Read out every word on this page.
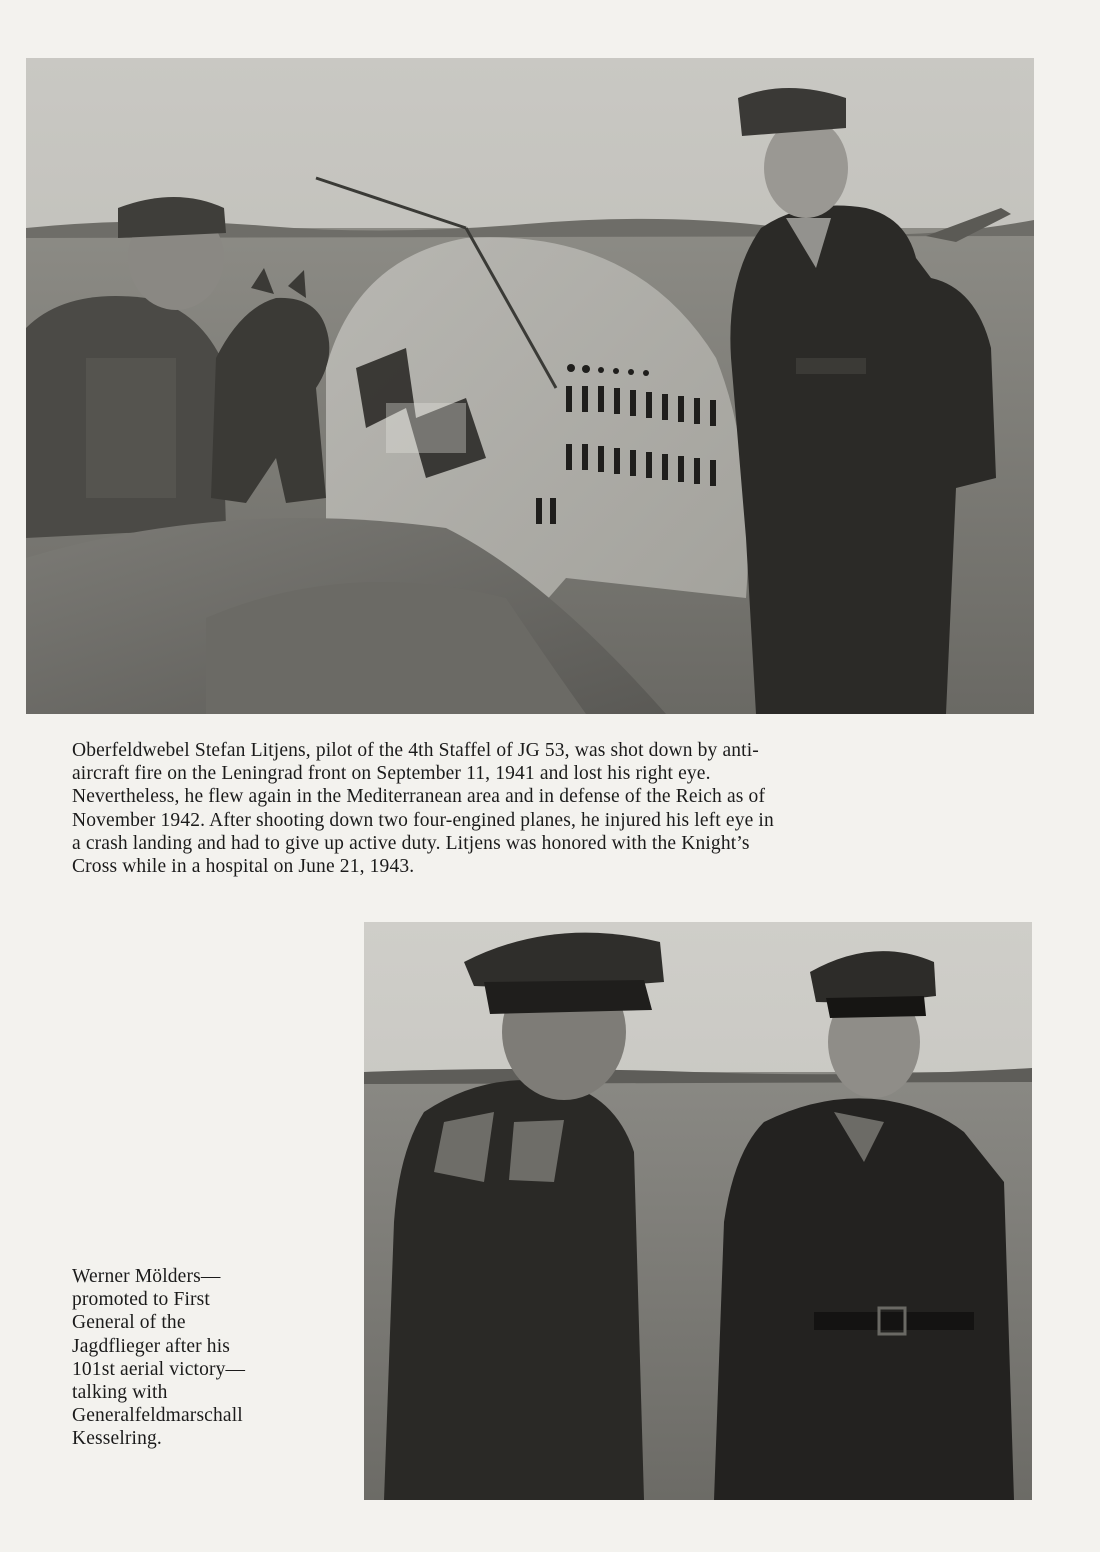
Oberfeldwebel Stefan Litjens, pilot of the 4th Staffel of JG 53, was shot down by anti-
aircraft fire on the Leningrad front on September 11, 1941 and lost his right eye.
Nevertheless, he flew again in the Mediterranean area and in defense of the Reich as of
November 1942. After shooting down two four-engined planes, he injured his left eye in
a crash landing and had to give up active duty. Litjens was honored with the Knight’s
Cross while in a hospital on June 21, 1943.
Werner Mölders—
promoted to First
General of the
Jagdflieger after his
101st aerial victory—
talking with
Generalfeldmarschall
Kesselring.
